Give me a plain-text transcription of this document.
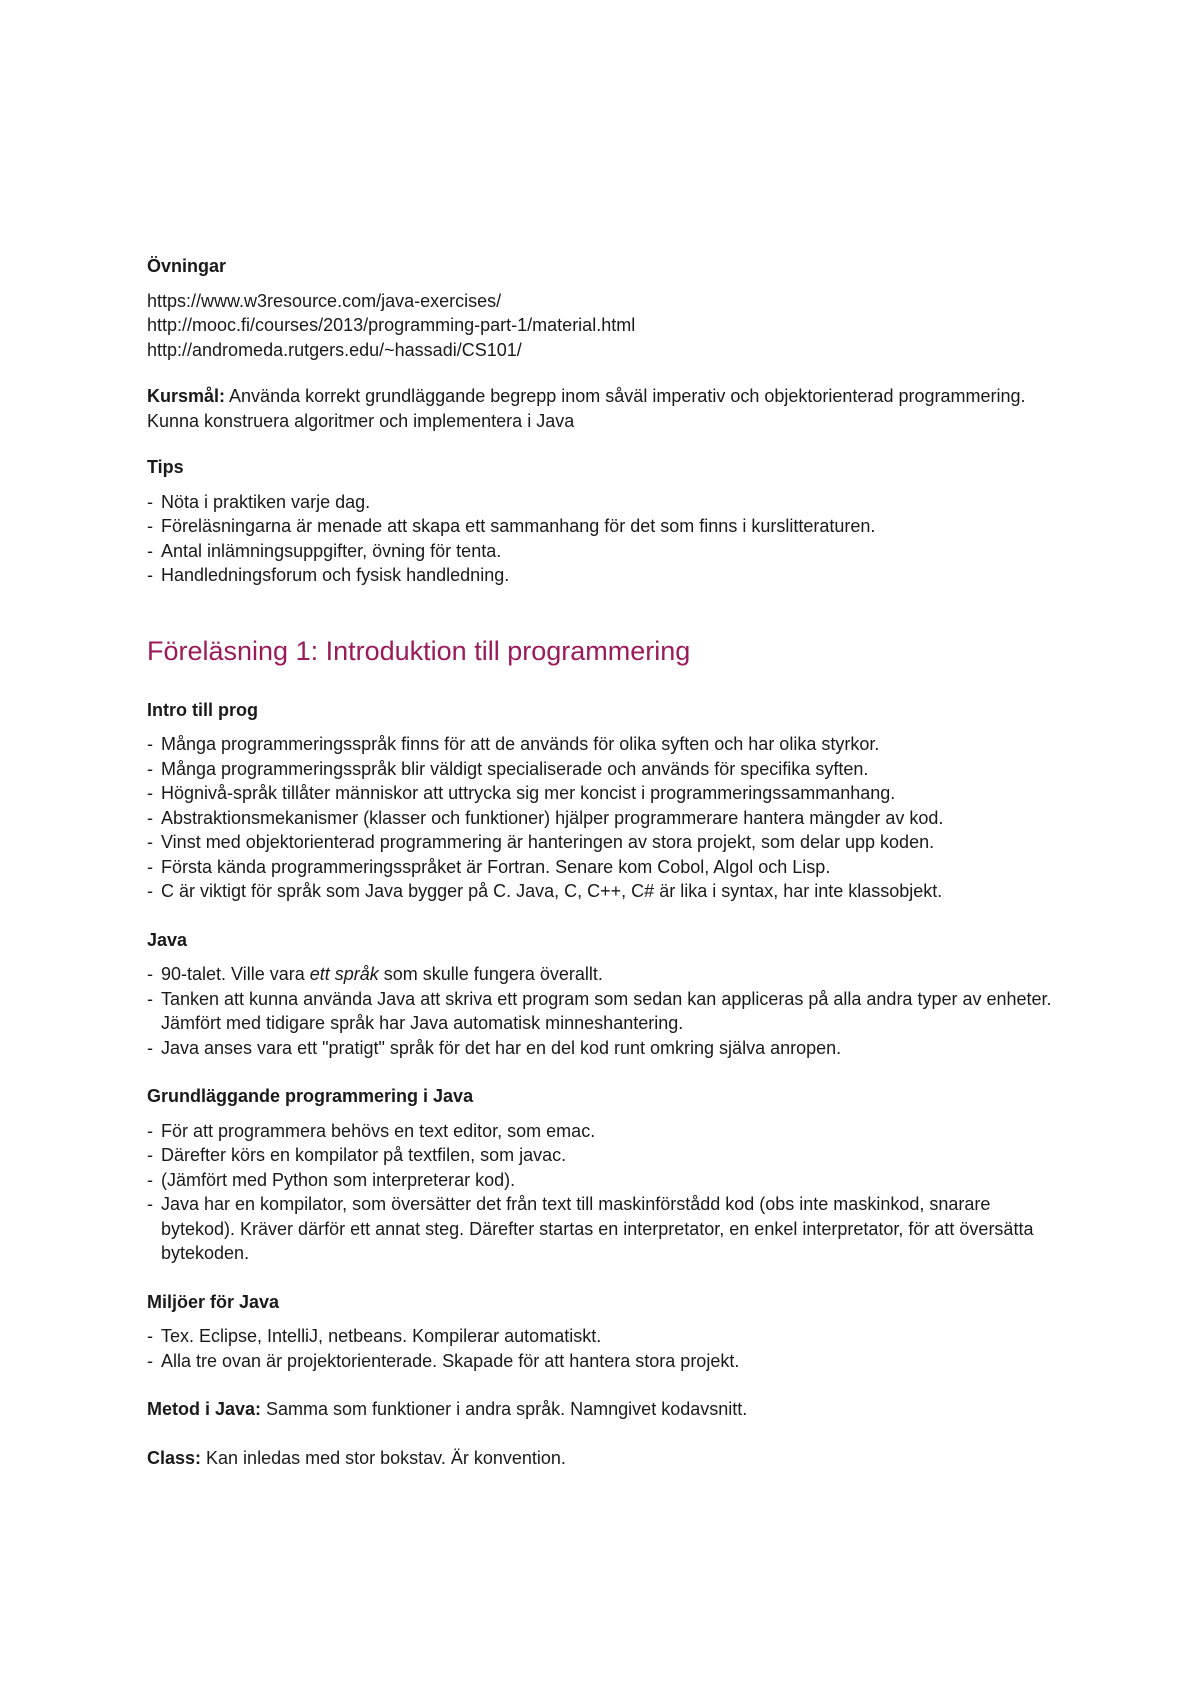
Övningar
https://www.w3resource.com/java-exercises/
http://mooc.fi/courses/2013/programming-part-1/material.html
http://andromeda.rutgers.edu/~hassadi/CS101/

Kursmål: Använda korrekt grundläggande begrepp inom såväl imperativ och objektorienterad programmering. Kunna konstruera algoritmer och implementera i Java

Tips
- Nöta i praktiken varje dag.
- Föreläsningarna är menade att skapa ett sammanhang för det som finns i kurslitteraturen.
- Antal inlämningsuppgifter, övning för tenta.
- Handledningsforum och fysisk handledning.
Föreläsning 1: Introduktion till programmering
Intro till prog
- Många programmeringsspråk finns för att de används för olika syften och har olika styrkor.
- Många programmeringsspråk blir väldigt specialiserade och används för specifika syften.
- Högnivå-språk tillåter människor att uttrycka sig mer koncist i programmeringssammanhang.
- Abstraktionsmekanismer (klasser och funktioner) hjälper programmerare hantera mängder av kod.
- Vinst med objektorienterad programmering är hanteringen av stora projekt, som delar upp koden.
- Första kända programmeringsspråket är Fortran. Senare kom Cobol, Algol och Lisp.
- C är viktigt för språk som Java bygger på C. Java, C, C++, C# är lika i syntax, har inte klassobjekt.
Java
- 90-talet. Ville vara ett språk som skulle fungera överallt.
- Tanken att kunna använda Java att skriva ett program som sedan kan appliceras på alla andra typer av enheter. Jämfört med tidigare språk har Java automatisk minneshantering.
- Java anses vara ett "pratigt" språk för det har en del kod runt omkring själva anropen.
Grundläggande programmering i Java
- För att programmera behövs en text editor, som emac.
- Därefter körs en kompilator på textfilen, som javac.
- (Jämfört med Python som interpreterar kod).
- Java har en kompilator, som översätter det från text till maskinförstådd kod (obs inte maskinkod, snarare bytekod). Kräver därför ett annat steg. Därefter startas en interpretator, en enkel interpretator, för att översätta bytekoden.
Miljöer för Java
- Tex. Eclipse, IntelliJ, netbeans. Kompilerar automatiskt.
- Alla tre ovan är projektorienterade. Skapade för att hantera stora projekt.

Metod i Java: Samma som funktioner i andra språk. Namngivet kodavsnitt.

Class: Kan inledas med stor bokstav. Är konvention.
